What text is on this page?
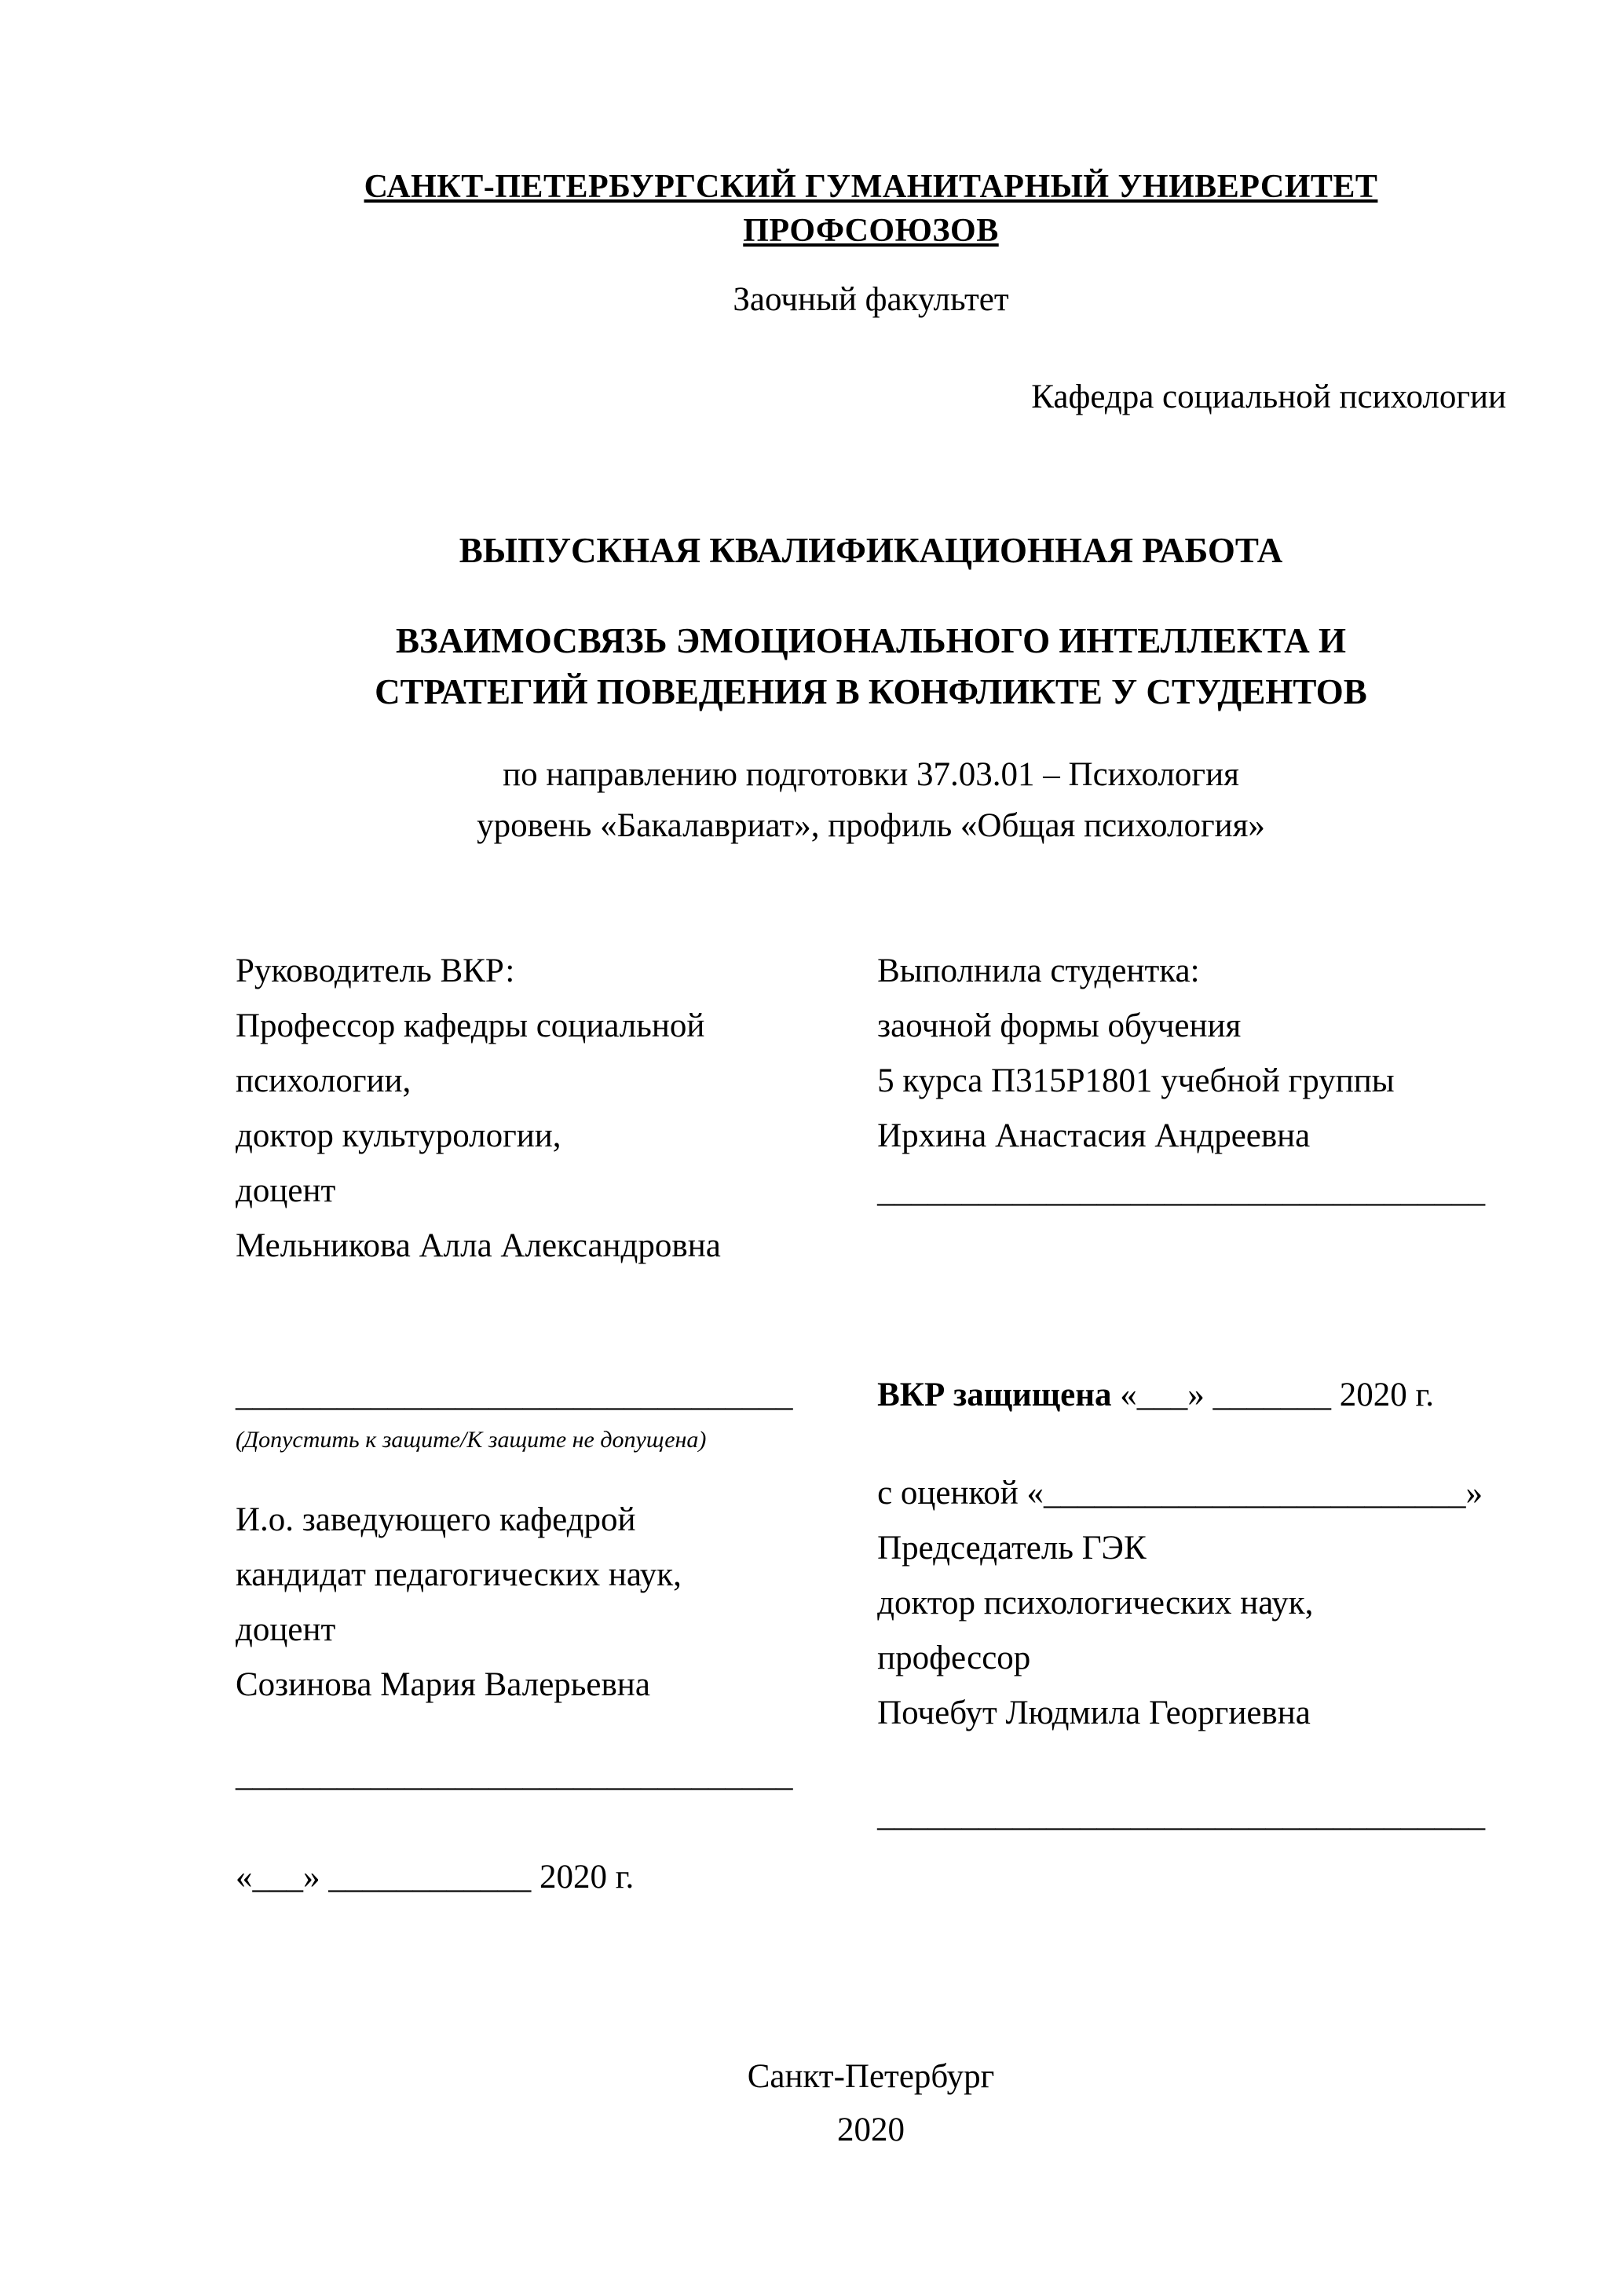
САНКТ-ПЕТЕРБУРГСКИЙ ГУМАНИТАРНЫЙ УНИВЕРСИТЕТ ПРОФСОЮЗОВ
Заочный факультет
Кафедра социальной психологии
ВЫПУСКНАЯ КВАЛИФИКАЦИОННАЯ РАБОТА
ВЗАИМОСВЯЗЬ ЭМОЦИОНАЛЬНОГО ИНТЕЛЛЕКТА И
СТРАТЕГИЙ ПОВЕДЕНИЯ В КОНФЛИКТЕ У СТУДЕНТОВ
по направлению подготовки 37.03.01 – Психология
уровень «Бакалавриат», профиль «Общая психология»
Руководитель ВКР:
Профессор кафедры социальной
психологии,
доктор культурологии,
доцент
Мельникова Алла Александровна
Выполнила студентка:
заочной формы обучения
5 курса П315Р1801 учебной группы
Ирхина Анастасия Андреевна
____________________________________
_________________________________
(Допустить к защите/К защите не допущена)
И.о. заведующего кафедрой
кандидат педагогических наук,
доцент
Созинова Мария Валерьевна
_________________________________
«___» ____________ 2020 г.
ВКР защищена «___» _______ 2020 г.
с оценкой «_________________________»
Председатель ГЭК
доктор психологических наук,
профессор
Почебут Людмила Георгиевна
____________________________________
Санкт-Петербург
2020
